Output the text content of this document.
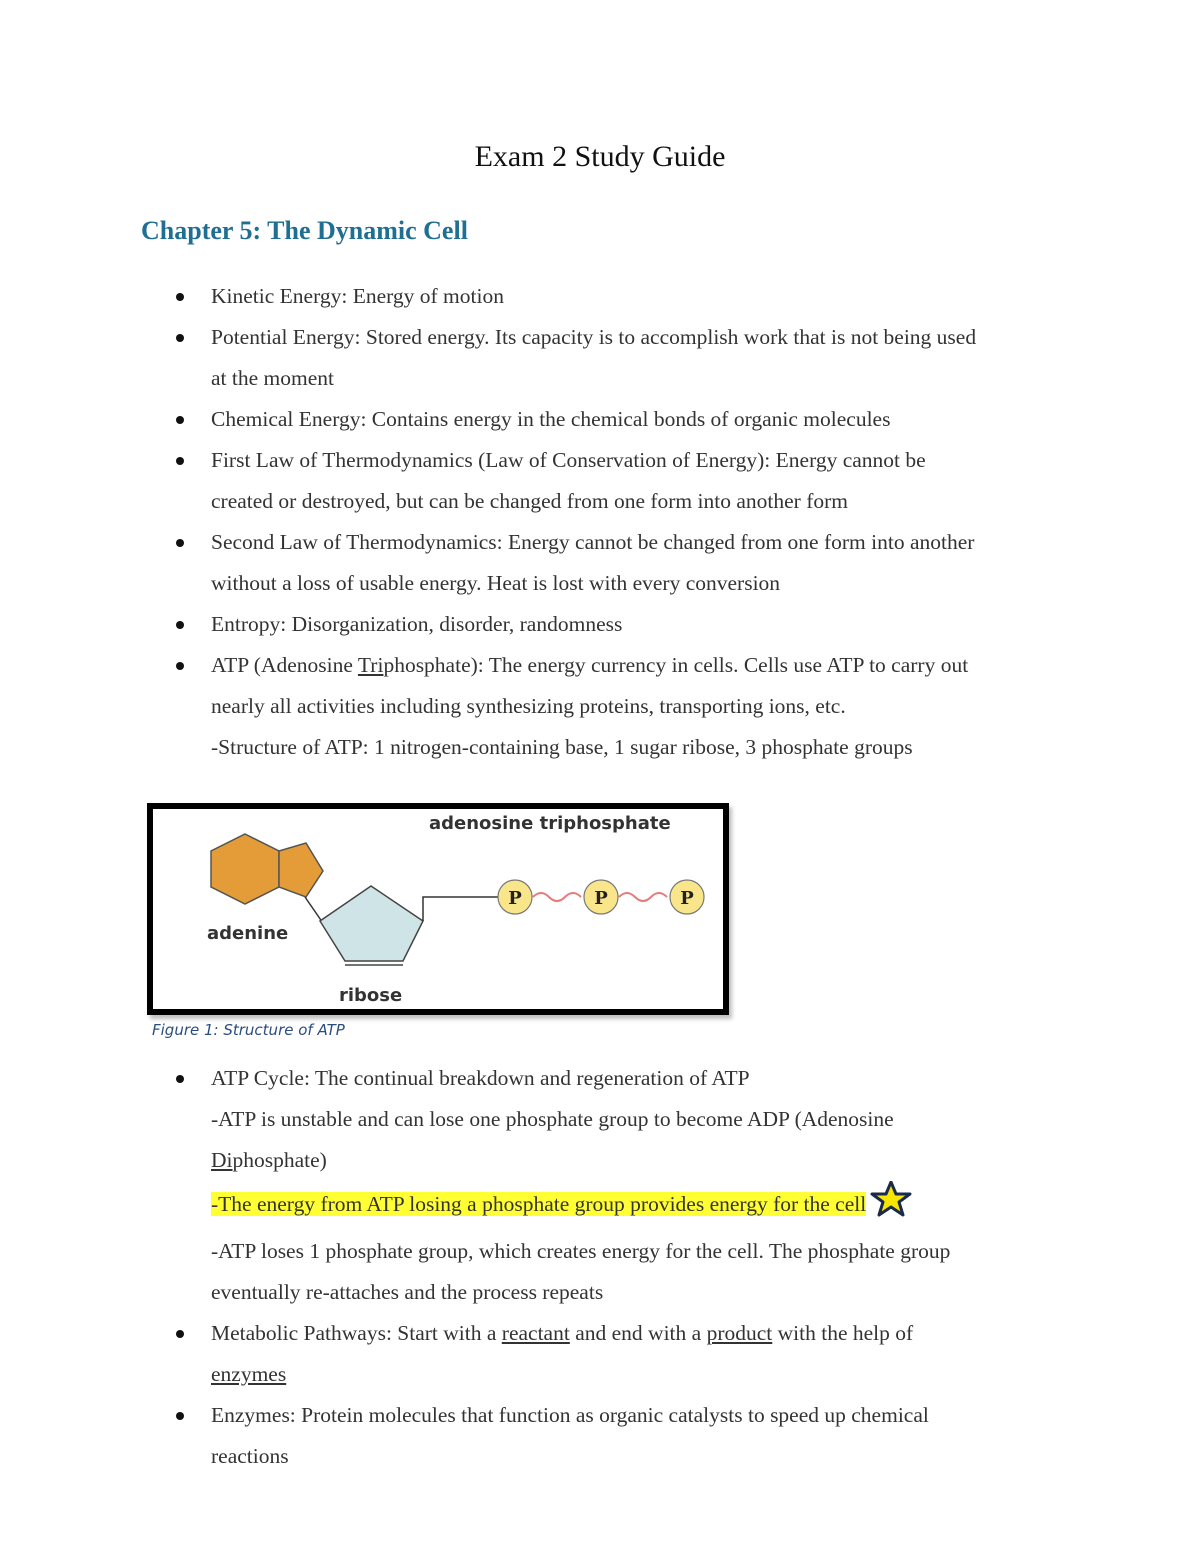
Exam 2 Study Guide
Chapter 5: The Dynamic Cell
Kinetic Energy: Energy of motion
Potential Energy: Stored energy. Its capacity is to accomplish work that is not being used
at the moment
Chemical Energy: Contains energy in the chemical bonds of organic molecules
First Law of Thermodynamics (Law of Conservation of Energy): Energy cannot be
created or destroyed, but can be changed from one form into another form
Second Law of Thermodynamics: Energy cannot be changed from one form into another
without a loss of usable energy. Heat is lost with every conversion
Entropy: Disorganization, disorder, randomness
ATP (Adenosine Triphosphate): The energy currency in cells. Cells use ATP to carry out
nearly all activities including synthesizing proteins, transporting ions, etc.
-Structure of ATP: 1 nitrogen-containing base, 1 sugar ribose, 3 phosphate groups
P	P	P
adenosine triphosphate
adenine
ribose
Figure 1: Structure of ATP
ATP Cycle: The continual breakdown and regeneration of ATP
-ATP is unstable and can lose one phosphate group to become ADP (Adenosine
Diphosphate)
-The energy from ATP losing a phosphate group provides energy for the cell
-ATP loses 1 phosphate group, which creates energy for the cell. The phosphate group
eventually re-attaches and the process repeats
Metabolic Pathways: Start with a reactant and end with a product with the help of
enzymes
Enzymes: Protein molecules that function as organic catalysts to speed up chemical
reactions
